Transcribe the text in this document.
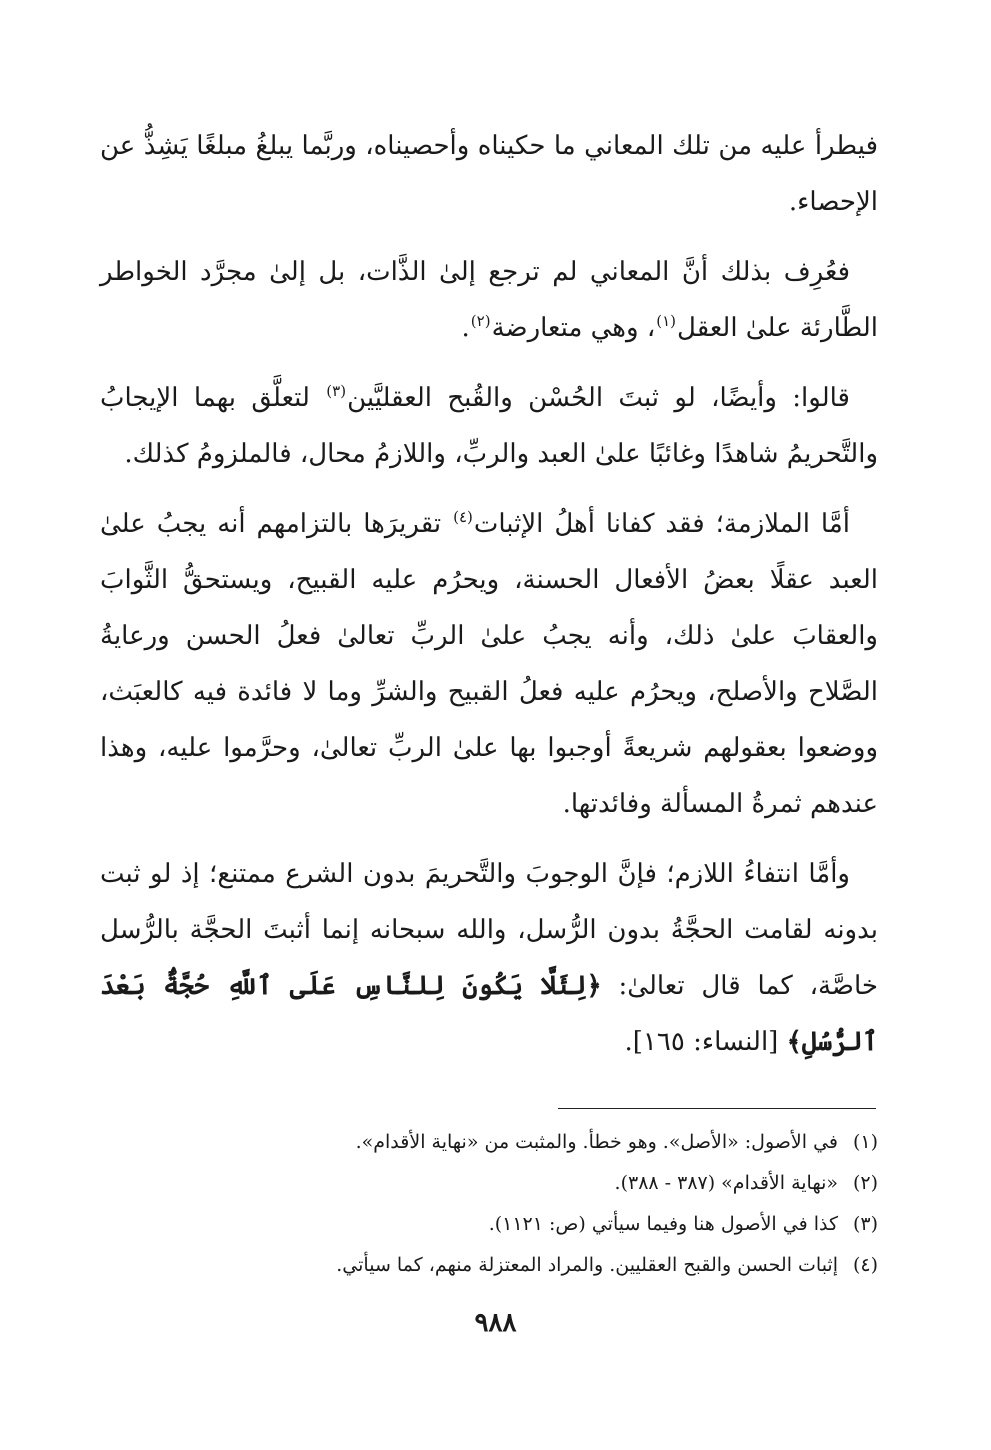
فيطرأ عليه من تلك المعاني ما حكيناه وأحصيناه، وربَّما يبلغُ مبلغًا يَشِذُّ عن الإحصاء.

فعُرِف بذلك أنَّ المعاني لم ترجع إلىٰ الذَّات، بل إلىٰ مجرَّد الخواطر الطَّارئة علىٰ العقل$^{(١)}$، وهي متعارضة$^{(٢)}$.

قالوا: وأيضًا، لو ثبتَ الحُسْن والقُبح العقليَّين$^{(٣)}$ لتعلَّق بهما الإيجابُ والتَّحريمُ شاهدًا وغائبًا علىٰ العبد والربِّ، واللازمُ محال، فالملزومُ كذلك.

أمَّا الملازمة؛ فقد كفانا أهلُ الإثبات$^{(٤)}$ تقريرَها بالتزامهم أنه يجبُ علىٰ العبد عقلًا بعضُ الأفعال الحسنة، ويحرُم عليه القبيح، ويستحقُّ الثَّوابَ والعقابَ علىٰ ذلك، وأنه يجبُ علىٰ الربِّ تعالىٰ فعلُ الحسن ورعايةُ الصَّلاح والأصلح، ويحرُم عليه فعلُ القبيح والشرِّ وما لا فائدة فيه كالعبَث، ووضعوا بعقولهم شريعةً أوجبوا بها علىٰ الربِّ تعالىٰ، وحرَّموا عليه، وهذا عندهم ثمرةُ المسألة وفائدتها.

وأمَّا انتفاءُ اللازم؛ فإنَّ الوجوبَ والتَّحريمَ بدون الشرع ممتنع؛ إذ لو ثبت بدونه لقامت الحجَّةُ بدون الرُّسل، والله سبحانه إنما أثبتَ الحجَّة بالرُّسل خاصَّة، كما قال تعالىٰ: ﴿لِئَلَّا يَكُونَ لِلنَّاسِ عَلَى ٱللَّهِ حُجَّةٌۢ بَعْدَ ٱلرُّسُلِ﴾ [النساء: ١٦٥].

(١)
في الأصول: «الأصل». وهو خطأ. والمثبت من «نهاية الأقدام».
(٢)
«نهاية الأقدام» (٣٨٧ - ٣٨٨).
(٣)
كذا في الأصول هنا وفيما سيأتي (ص: ١١٢١).
(٤)
إثبات الحسن والقبح العقليين. والمراد المعتزلة منهم، كما سيأتي.
٩٨٨
